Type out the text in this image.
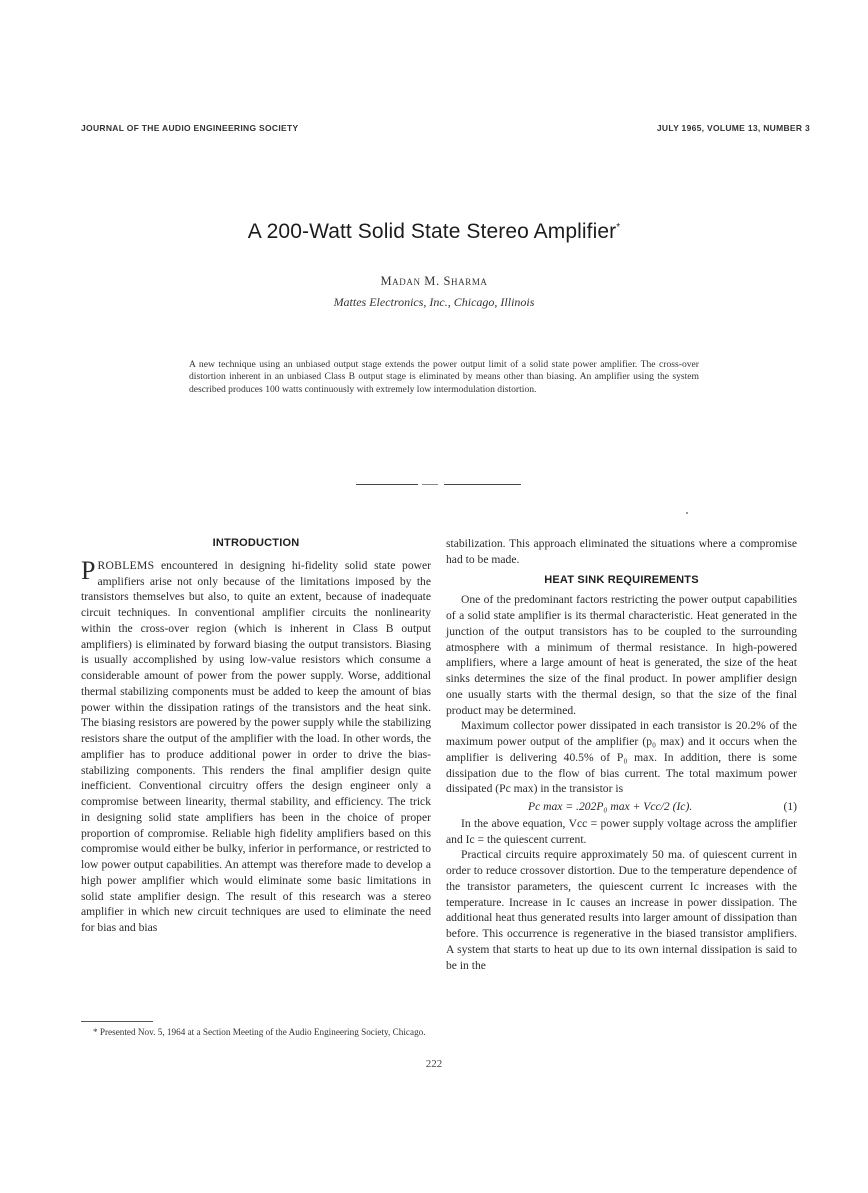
JOURNAL OF THE AUDIO ENGINEERING SOCIETY	JULY 1965, VOLUME 13, NUMBER 3
A 200-Watt Solid State Stereo Amplifier*
Madan M. Sharma
Mattes Electronics, Inc., Chicago, Illinois
A new technique using an unbiased output stage extends the power output limit of a solid state power amplifier. The cross-over distortion inherent in an unbiased Class B output stage is eliminated by means other than biasing. An amplifier using the system described produces 100 watts continuously with extremely low intermodulation distortion.
INTRODUCTION

PROBLEMS encountered in designing hi-fidelity solid state power amplifiers arise not only because of the limitations imposed by the transistors themselves but also, to quite an extent, because of inadequate circuit techniques. In conventional amplifier circuits the nonlinearity within the cross-over region (which is inherent in Class B output amplifiers) is eliminated by forward biasing the output transistors. Biasing is usually accomplished by using low-value resistors which consume a considerable amount of power from the power supply. Worse, additional thermal stabilizing components must be added to keep the amount of bias power within the dissipation ratings of the transistors and the heat sink. The biasing resistors are powered by the power supply while the stabilizing resistors share the output of the amplifier with the load. In other words, the amplifier has to produce additional power in order to drive the bias-stabilizing components. This renders the final amplifier design quite inefficient. Conventional circuitry offers the design engineer only a compromise between linearity, thermal stability, and efficiency. The trick in designing solid state amplifiers has been in the choice of proper proportion of compromise. Reliable high fidelity amplifiers based on this compromise would either be bulky, inferior in performance, or restricted to low power output capabilities. An attempt was therefore made to develop a high power amplifier which would eliminate some basic limitations in solid state amplifier design. The result of this research was a stereo amplifier in which new circuit techniques are used to eliminate the need for bias and bias

stabilization. This approach eliminated the situations where a compromise had to be made.

HEAT SINK REQUIREMENTS

One of the predominant factors restricting the power output capabilities of a solid state amplifier is its thermal characteristic. Heat generated in the junction of the output transistors has to be coupled to the surrounding atmosphere with a minimum of thermal resistance. In high-powered amplifiers, where a large amount of heat is generated, the size of the heat sinks determines the size of the final product. In power amplifier design one usually starts with the thermal design, so that the size of the final product may be determined.

Maximum collector power dissipated in each transistor is 20.2% of the maximum power output of the amplifier (p₀ max) and it occurs when the amplifier is delivering 40.5% of P₀ max. In addition, there is some dissipation due to the flow of bias current. The total maximum power dissipated (Pc max) in the transistor is

Pc max = .202P₀ max + Vcc/2 (Ic).	(1)

In the above equation, Vcc = power supply voltage across the amplifier and Ic = the quiescent current.

Practical circuits require approximately 50 ma. of quiescent current in order to reduce crossover distortion. Due to the temperature dependence of the transistor parameters, the quiescent current Ic increases with the temperature. Increase in Ic causes an increase in power dissipation. The additional heat thus generated results into larger amount of dissipation than before. This occurrence is regenerative in the biased transistor amplifiers. A system that starts to heat up due to its own internal dissipation is said to be in the

* Presented Nov. 5, 1964 at a Section Meeting of the Audio Engineering Society, Chicago.
222
